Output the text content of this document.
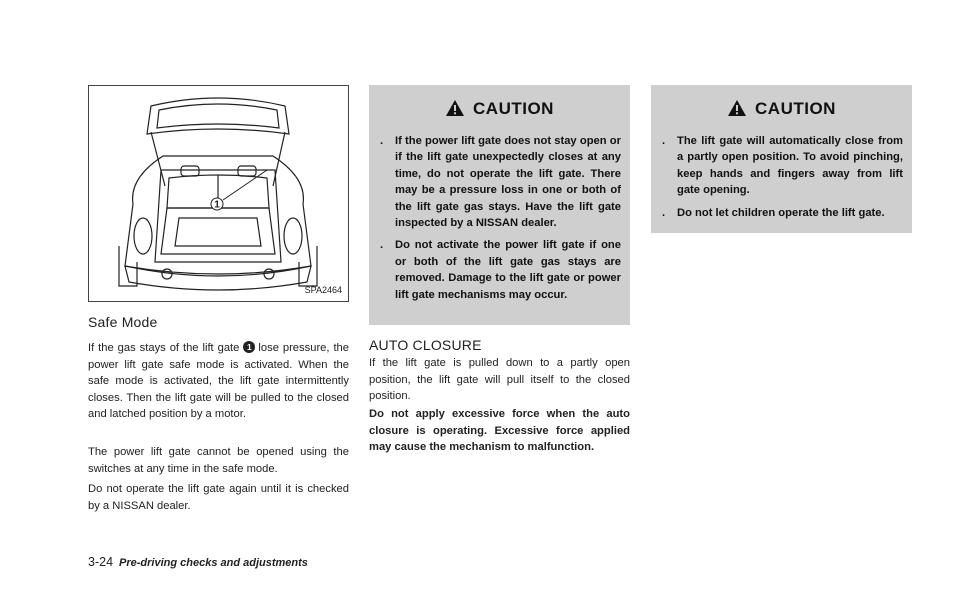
1
SPA2464
Safe Mode

If the gas stays of the lift gate 1 lose pressure, the power lift gate safe mode is activated. When the safe mode is activated, the lift gate intermittently closes. Then the lift gate will be pulled to the closed and latched position by a motor.

The power lift gate cannot be opened using the switches at any time in the safe mode.

Do not operate the lift gate again until it is checked by a NISSAN dealer.

CAUTION
. If the power lift gate does not stay open or if the lift gate unexpectedly closes at any time, do not operate the lift gate. There may be a pressure loss in one or both of the lift gate gas stays. Have the lift gate inspected by a NISSAN dealer.
. Do not activate the power lift gate if one or both of the lift gate gas stays are removed. Damage to the lift gate or power lift gate mechanisms may occur.
AUTO CLOSURE

If the lift gate is pulled down to a partly open position, the lift gate will pull itself to the closed position.

Do not apply excessive force when the auto closure is operating. Excessive force applied may cause the mechanism to malfunction.

CAUTION
. The lift gate will automatically close from a partly open position. To avoid pinching, keep hands and fingers away from lift gate opening.
. Do not let children operate the lift gate.
3-24 Pre-driving checks and adjustments
